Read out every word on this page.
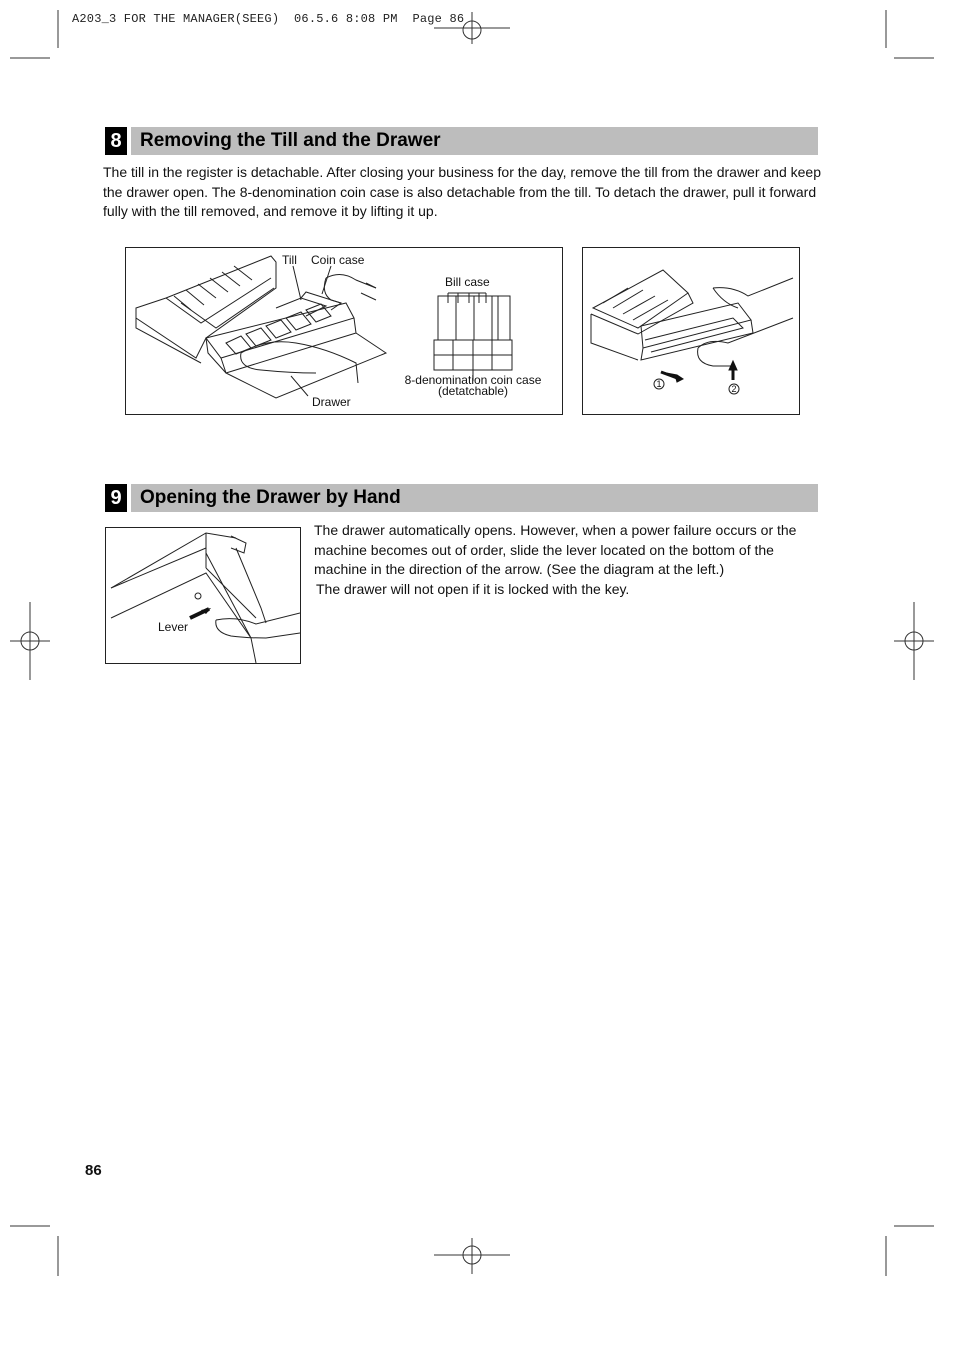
A203_3 FOR THE MANAGER(SEEG)  06.5.6 8:08 PM  Page 86
8 Removing the Till and the Drawer
The till in the register is detachable. After closing your business for the day, remove the till from the drawer and keep the drawer open. The 8-denomination coin case is also detachable from the till. To detach the drawer, pull it forward fully with the till removed, and remove it by lifting it up.
Till Coin case
Drawer
Bill case
8-denomination coin case
(detatchable)	1	2
9 Opening the Drawer by Hand
Lever
The drawer automatically opens. However, when a power failure occurs or the
machine becomes out of order, slide the lever located on the bottom of the
machine in the direction of the arrow. (See the diagram at the left.)
The drawer will not open if it is locked with the key.
86
